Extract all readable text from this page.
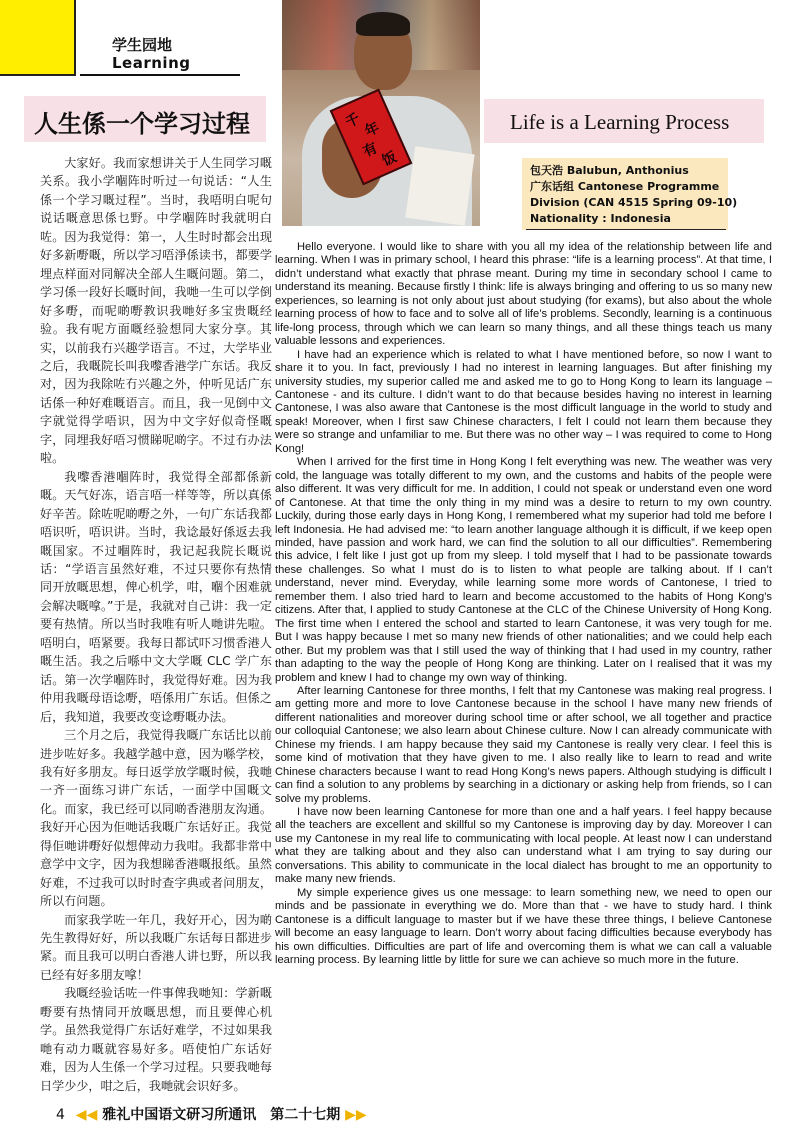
学生园地
Learning
千 年
有 饭
人生係一个学习过程	Life is a Learning Process
包天浩 Balubun, Anthonius
广东话组 Cantonese Programme
Division (CAN 4515 Spring 09-10)
Nationality : Indonesia

大家好。我而家想讲关于人生同学习嘅关系。我小学嗰阵时听过一句说话：“人生係一个学习嘅过程”。当时，我唔明白呢句说话嘅意思係乜野。中学嗰阵时我就明白咗。因为我觉得：第一，人生时时都会出现好多新嘢嘅，所以学习唔淨係读书，都要学埋点样面对同解决全部人生嘅问题。第二，学习係一段好长嘅时间，我哋一生可以学倒好多嘢，而呢啲嘢教识我哋好多宝贵嘅经验。我有呢方面嘅经验想同大家分享。其实，以前我冇兴趣学语言。不过，大学毕业之后，我嘅院长叫我嚟香港学广东话。我反对，因为我除咗冇兴趣之外，仲听见话广东话係一种好难嘅语言。而且，我一见倒中文字就觉得学唔识，因为中文字好似奇怪嘅字，同埋我好唔习惯睇呢啲字。不过冇办法啦。

我嚟香港嗰阵时，我觉得全部都係新嘅。天气好冻，语言唔一样等等，所以真係好辛苦。除咗呢啲嘢之外，一句广东话我都唔识听，唔识讲。当时，我谂最好係返去我嘅国家。不过嗰阵时，我记起我院长嘅说话：“学语言虽然好难，不过只要你有热情同开放嘅思想，俾心机学，咁，嗰个困难就会解决嘅嗱。”于是，我就对自己讲：我一定要有热情。所以当时我唯有听人哋讲先啦。唔明白，唔紧要。我每日都试吓习惯香港人嘅生活。我之后喺中文大学嘅 CLC 学广东话。第一次学嗰阵时，我觉得好难。因为我仲用我嘅母语谂嘢，唔係用广东话。但係之后，我知道，我要改变谂嘢嘅办法。

三个月之后，我觉得我嘅广东话比以前进步咗好多。我越学越中意，因为喺学校，我有好多朋友。每日返学放学嘅时候，我哋一齐一面练习讲广东话，一面学中国嘅文化。而家，我已经可以同啲香港朋友沟通。我好开心因为佢哋话我嘅广东话好正。我觉得佢哋讲嘢好似想俾动力我咁。我都非常中意学中文字，因为我想睇香港嘅报纸。虽然好难，不过我可以时时查字典或者问朋友，所以冇问题。

而家我学咗一年几，我好开心，因为啲先生教得好好，所以我嘅广东话每日都进步紧。而且我可以明白香港人讲乜野，所以我已经有好多朋友嗱！

我嘅经验话咗一件事俾我哋知：学新嘅嘢要有热情同开放嘅思想，而且要俾心机学。虽然我觉得广东话好难学，不过如果我哋有动力嘅就容易好多。唔使怕广东话好难，因为人生係一个学习过程。只要我哋每日学少少，咁之后，我哋就会识好多。

Hello everyone. I would like to share with you all my idea of the relationship between life and learning. When I was in primary school, I heard this phrase: “life is a learning process”. At that time, I didn’t understand what exactly that phrase meant. During my time in secondary school I came to understand its meaning. Because firstly I think: life is always bringing and offering to us so many new experiences, so learning is not only about just about studying (for exams), but also about the whole learning process of how to face and to solve all of life’s problems. Secondly, learning is a continuous life-long process, through which we can learn so many things, and all these things teach us many valuable lessons and experiences.

I have had an experience which is related to what I have mentioned before, so now I want to share it to you. In fact, previously I had no interest in learning languages. But after finishing my university studies, my superior called me and asked me to go to Hong Kong to learn its language – Cantonese - and its culture. I didn’t want to do that because besides having no interest in learning Cantonese, I was also aware that Cantonese is the most difficult language in the world to study and speak! Moreover, when I first saw Chinese characters, I felt I could not learn them because they were so strange and unfamiliar to me. But there was no other way – I was required to come to Hong Kong!

When I arrived for the first time in Hong Kong I felt everything was new. The weather was very cold, the language was totally different to my own, and the customs and habits of the people were also different. It was very difficult for me. In addition, I could not speak or understand even one word of Cantonese. At that time the only thing in my mind was a desire to return to my own country. Luckily, during those early days in Hong Kong, I remembered what my superior had told me before I left Indonesia. He had advised me: “to learn another language although it is difficult, if we keep open minded, have passion and work hard, we can find the solution to all our difficulties”. Remembering this advice, I felt like I just got up from my sleep. I told myself that I had to be passionate towards these challenges. So what I must do is to listen to what people are talking about. If I can’t understand, never mind. Everyday, while learning some more words of Cantonese, I tried to remember them. I also tried hard to learn and become accustomed to the habits of Hong Kong’s citizens. After that, I applied to study Cantonese at the CLC of the Chinese University of Hong Kong. The first time when I entered the school and started to learn Cantonese, it was very tough for me. But I was happy because I met so many new friends of other nationalities; and we could help each other. But my problem was that I still used the way of thinking that I had used in my country, rather than adapting to the way the people of Hong Kong are thinking. Later on I realised that it was my problem and knew I had to change my own way of thinking.

After learning Cantonese for three months, I felt that my Cantonese was making real progress. I am getting more and more to love Cantonese because in the school I have many new friends of different nationalities and moreover during school time or after school, we all together and practice our colloquial Cantonese; we also learn about Chinese culture. Now I can already communicate with Chinese my friends. I am happy because they said my Cantonese is really very clear. I feel this is some kind of motivation that they have given to me. I also really like to learn to read and write Chinese characters because I want to read Hong Kong’s news papers. Although studying is difficult I can find a solution to any problems by searching in a dictionary or asking help from friends, so I can solve my problems.

I have now been learning Cantonese for more than one and a half years. I feel happy because all the teachers are excellent and skillful so my Cantonese is improving day by day. Moreover I can use my Cantonese in my real life to communicating with local people. At least now I can understand what they are talking about and they also can understand what I am trying to say during our conversations. This ability to communicate in the local dialect has brought to me an opportunity to make many new friends.

My simple experience gives us one message: to learn something new, we need to open our minds and be passionate in everything we do. More than that - we have to study hard. I think Cantonese is a difficult language to master but if we have these three things, I believe Cantonese will become an easy language to learn. Don’t worry about facing difficulties because everybody has his own difficulties. Difficulties are part of life and overcoming them is what we can call a valuable learning process. By learning little by little for sure we can achieve so much more in the future.

4 ◀◀ 雅礼中国语文研习所通讯　第二十七期 ▶▶
